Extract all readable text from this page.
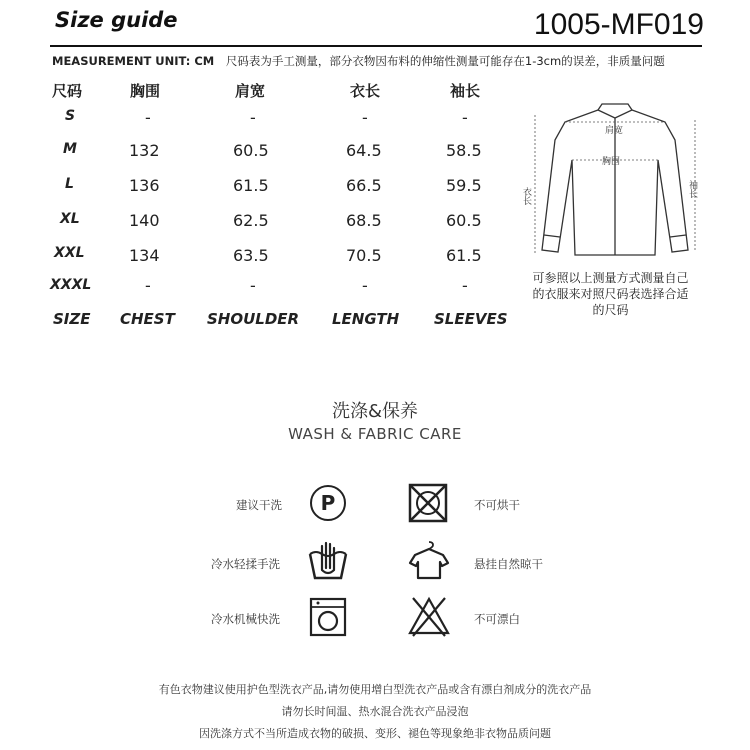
Size guide	1005-MF019
MEASUREMENT UNIT: CM 尺码表为手工测量，部分衣物因布料的伸缩性测量可能存在1-3cm的误差，非质量问题
尺码	胸围	肩宽	衣长	袖长
S	-	-	-	-
M	132	60.5	64.5	58.5
L	136	61.5	66.5	59.5
XL	140	62.5	68.5	60.5
XXL	134	63.5	70.5	61.5
XXXL	-	-	-	-
SIZE CHEST SHOULDER LENGTH SLEEVES
肩宽
胸围
衣长	袖长
可参照以上测量方式测量自己的衣服来对照尺码表选择合适的尺码
洗涤&保养
WASH & FABRIC CARE
建议干洗 P	不可烘干
冷水轻揉手洗	悬挂自然晾干
冷水机械快洗	不可漂白
有色衣物建议使用护色型洗衣产品,请勿使用增白型洗衣产品或含有漂白剂成分的洗衣产品
请勿长时间温、热水混合洗衣产品浸泡
因洗涤方式不当所造成衣物的破损、变形、褪色等现象绝非衣物品质问题
